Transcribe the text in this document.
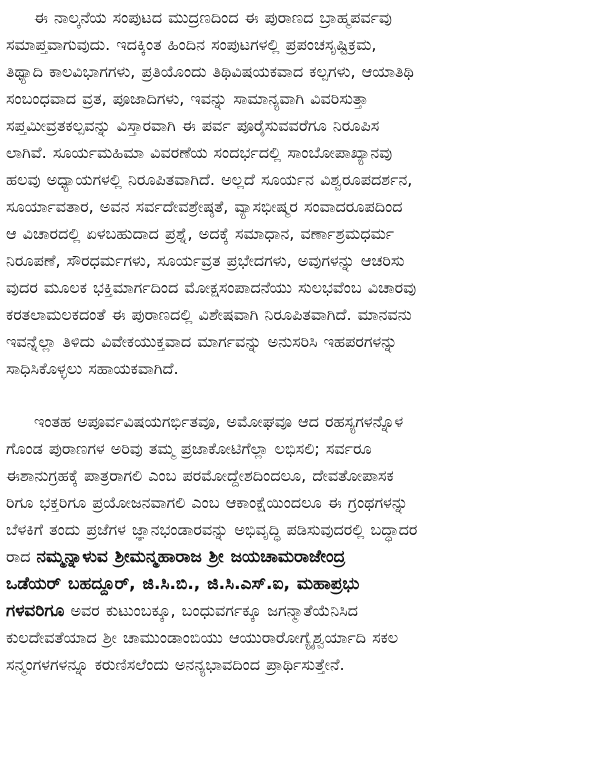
ಈ ನಾಲ್ಕನೆಯ ಸಂಪುಟದ ಮುದ್ರಣದಿಂದ ಈ ಪುರಾಣದ ಬ್ರಾಹ್ಮಪರ್ವವು
ಸಮಾಪ್ತವಾಗುವುದು. ಇದಕ್ಕಿಂತ ಹಿಂದಿನ ಸಂಪುಟಗಳಲ್ಲಿ ಪ್ರಪಂಚಸೃಷ್ಟಿಕ್ರಮ,
ತಿಥ್ಯಾದಿ ಕಾಲವಿಭಾಗಗಳು, ಪ್ರತಿಯೊಂದು ತಿಥಿವಿಷಯಕವಾದ ಕಲ್ಪಗಳು, ಆಯಾತಿಥಿ
ಸಂಬಂಧವಾದ ವ್ರತ, ಪೂಜಾದಿಗಳು, ಇವನ್ನು ಸಾಮಾನ್ಯವಾಗಿ ವಿವರಿಸುತ್ತಾ
ಸಪ್ತಮೀವ್ರತಕಲ್ಪವನ್ನು ವಿಸ್ತಾರವಾಗಿ ಈ ಪರ್ವ ಪೂರೈಸುವವರೆಗೂ ನಿರೂಪಿಸ
ಲಾಗಿವೆ. ಸೂರ್ಯಮಹಿಮಾ ವಿವರಣೆಯ ಸಂದರ್ಭದಲ್ಲಿ ಸಾಂಬೋಪಾಖ್ಯಾನವು
ಹಲವು ಅಧ್ಯಾಯಗಳಲ್ಲಿ ನಿರೂಪಿತವಾಗಿದೆ. ಅಲ್ಲದೆ ಸೂರ್ಯನ ವಿಶ್ವರೂಪದರ್ಶನ,
ಸೂರ್ಯಾವತಾರ, ಅವನ ಸರ್ವದೇವಶ್ರೇಷ್ಠತೆ, ವ್ಯಾಸಭೀಷ್ಮರ ಸಂವಾದರೂಪದಿಂದ
ಆ ವಿಚಾರದಲ್ಲಿ ಏಳಬಹುದಾದ ಪ್ರಶ್ನೆ, ಅದಕ್ಕೆ ಸಮಾಧಾನ, ವರ್ಣಾಶ್ರಮಧರ್ಮ
ನಿರೂಪಣೆ, ಸೌರಧರ್ಮಗಳು, ಸೂರ್ಯವ್ರತ ಪ್ರಭೇದಗಳು, ಅವುಗಳನ್ನು ಆಚರಿಸು
ವುದರ ಮೂಲಕ ಭಕ್ತಿಮಾರ್ಗದಿಂದ ಮೋಕ್ಷಸಂಪಾದನೆಯು ಸುಲಭವೆಂಬ ವಿಚಾರವು
ಕರತಲಾಮಲಕದಂತೆ ಈ ಪುರಾಣದಲ್ಲಿ ವಿಶೇಷವಾಗಿ ನಿರೂಪಿತವಾಗಿದೆ. ಮಾನವನು
ಇವನ್ನೆಲ್ಲಾ ತಿಳಿದು ವಿವೇಕಯುಕ್ತವಾದ ಮಾರ್ಗವನ್ನು ಅನುಸರಿಸಿ ಇಹಪರಗಳನ್ನು
ಸಾಧಿಸಿಕೊಳ್ಳಲು ಸಹಾಯಕವಾಗಿದೆ.
ಇಂತಹ ಅಪೂರ್ವವಿಷಯಗರ್ಭಿತವೂ, ಅಮೋಘವೂ ಆದ ರಹಸ್ಯಗಳನ್ನೊಳ
ಗೊಂಡ ಪುರಾಣಗಳ ಅರಿವು ತಮ್ಮ ಪ್ರಜಾಕೋಟಿಗೆಲ್ಲಾ ಲಭಿಸಲಿ; ಸರ್ವರೂ
ಈಶಾನುಗ್ರಹಕ್ಕೆ ಪಾತ್ರರಾಗಲಿ ಎಂಬ ಪರಮೋದ್ದೇಶದಿಂದಲೂ, ದೇವತೋಪಾಸಕ
ರಿಗೂ ಭಕ್ತರಿಗೂ ಪ್ರಯೋಜನವಾಗಲಿ ಎಂಬ ಆಕಾಂಕ್ಷೆಯಿಂದಲೂ ಈ ಗ್ರಂಥಗಳನ್ನು
ಬೆಳಕಿಗೆ ತಂದು ಪ್ರಜೆಗಳ ಜ್ಞಾನಭಂಡಾರವನ್ನು ಅಭಿವೃದ್ಧಿ ಪಡಿಸುವುದರಲ್ಲಿ ಬದ್ಧಾದರ
ರಾದ ನಮ್ಮನ್ನಾಳುವ ಶ್ರೀಮನ್ಮಹಾರಾಜ ಶ್ರೀ ಜಯಚಾಮರಾಜೇಂದ್ರ
ಒಡೆಯರ್ ಬಹದ್ದೂರ್, ಜಿ.ಸಿ.ಬಿ., ಜಿ.ಸಿ.ಎಸ್.ಐ, ಮಹಾಪ್ರಭು
ಗಳವರಿಗೂ ಅವರ ಕುಟುಂಬಕ್ಕೂ, ಬಂಧುವರ್ಗಕ್ಕೂ ಜಗನ್ಮಾತೆಯೆನಿಸಿದ
ಕುಲದೇವತೆಯಾದ ಶ್ರೀ ಚಾಮುಂಡಾಂಬಿಯು ಆಯುರಾರೋಗ್ಯೈಶ್ವರ್ಯಾದಿ ಸಕಲ
ಸನ್ಮಂಗಳಗಳನ್ನೂ ಕರುಣಿಸಲೆಂದು ಅನನ್ಯಭಾವದಿಂದ ಪ್ರಾರ್ಥಿಸುತ್ತೇನೆ.
